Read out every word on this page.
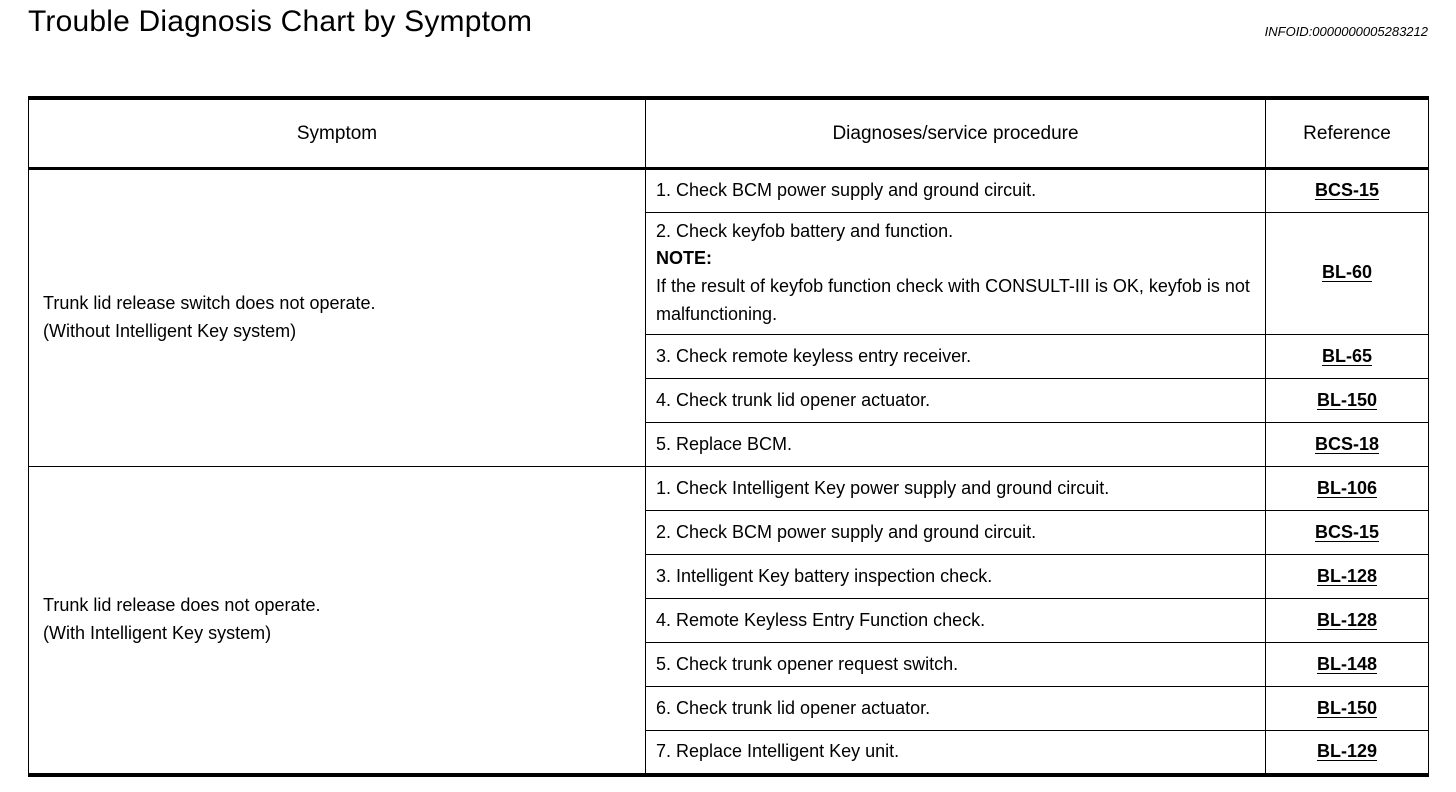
Trouble Diagnosis Chart by Symptom	INFOID:0000000005283212
Symptom	Diagnoses/service procedure	Reference

Trunk lid release switch does not operate.
(Without Intelligent Key system)	1. Check BCM power supply and ground circuit.	BCS-15

	2. Check keyfob battery and function.
NOTE:
If the result of keyfob function check with CONSULT-III is OK, keyfob is not malfunctioning.	BL-60
	3. Check remote keyless entry receiver.	BL-65
	4. Check trunk lid opener actuator.	BL-150
	5. Replace BCM.	BCS-18

Trunk lid release does not operate.
(With Intelligent Key system)	1. Check Intelligent Key power supply and ground circuit.	BL-106
	2. Check BCM power supply and ground circuit.	BCS-15
	3. Intelligent Key battery inspection check.	BL-128
	4. Remote Keyless Entry Function check.	BL-128
	5. Check trunk opener request switch.	BL-148
	6. Check trunk lid opener actuator.	BL-150
	7. Replace Intelligent Key unit.	BL-129
